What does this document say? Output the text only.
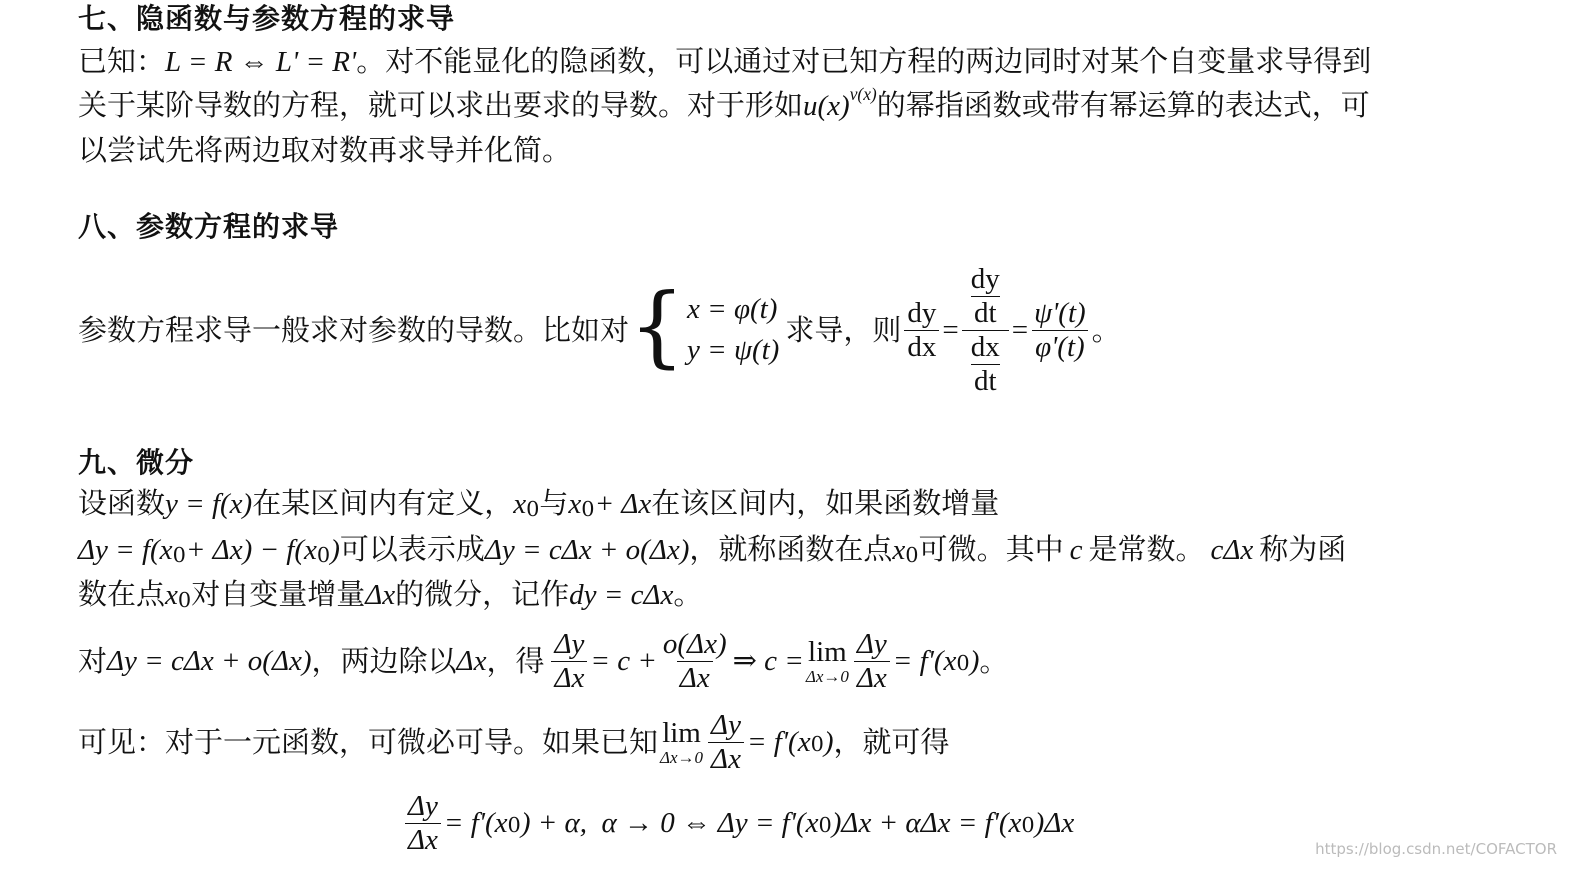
七、隐函数与参数方程的求导
已知：L = R ⇔ L' = R'。对不能显化的隐函数，可以通过对已知方程的两边同时对某个自变量求导得到
关于某阶导数的方程，就可以求出要求的导数。对于形如$u(x)^{v(x)}$的幂指函数或带有幂运算的表达式，可
以尝试先将两边取对数再求导并化简。
八、参数方程的求导
参数方程求导一般求对参数的导数。比如对 { x = φ(t)
y = ψ(t)
求导，则 $\frac{dy}{dx} = \frac{\frac{dy}{dt}}{\frac{dx}{dt}} = \frac{\psi'(t)}{\varphi'(t)}$ 。
九、微分
设函数y = f(x)在某区间内有定义，x0与x0+ Δx在该区间内，如果函数增量
Δy = f(x0+ Δx) − f(x0)可以表示成Δy = cΔx + o(Δx)，就称函数在点x0可微。其中 c 是常数。 cΔx 称为函
数在点x0对自变量增量Δx的微分，记作dy = cΔx。
对 Δy = cΔx + o(Δx) ，两边除以 Δx ，得 $\frac{\Delta y}{\Delta x} = c + \frac{o(\Delta x)}{\Delta x}$ ⇒ c = lim
$\Delta x\to 0 \frac{\Delta y}{\Delta x} = f'(x$ 0 ) 。
可见：对于一元函数，可微必可导。如果已知 lim
$\Delta x\to 0 \frac{\Delta y}{\Delta x} = f'(x$ 0 ) ，就可得
$\frac{\Delta y}{\Delta x} = f'(x$ 0 ) + α,  α → 0 ⇔ Δy = f'(x 0 )Δx + αΔx = f'(x 0 )Δx
https://blog.csdn.net/COFACTOR
